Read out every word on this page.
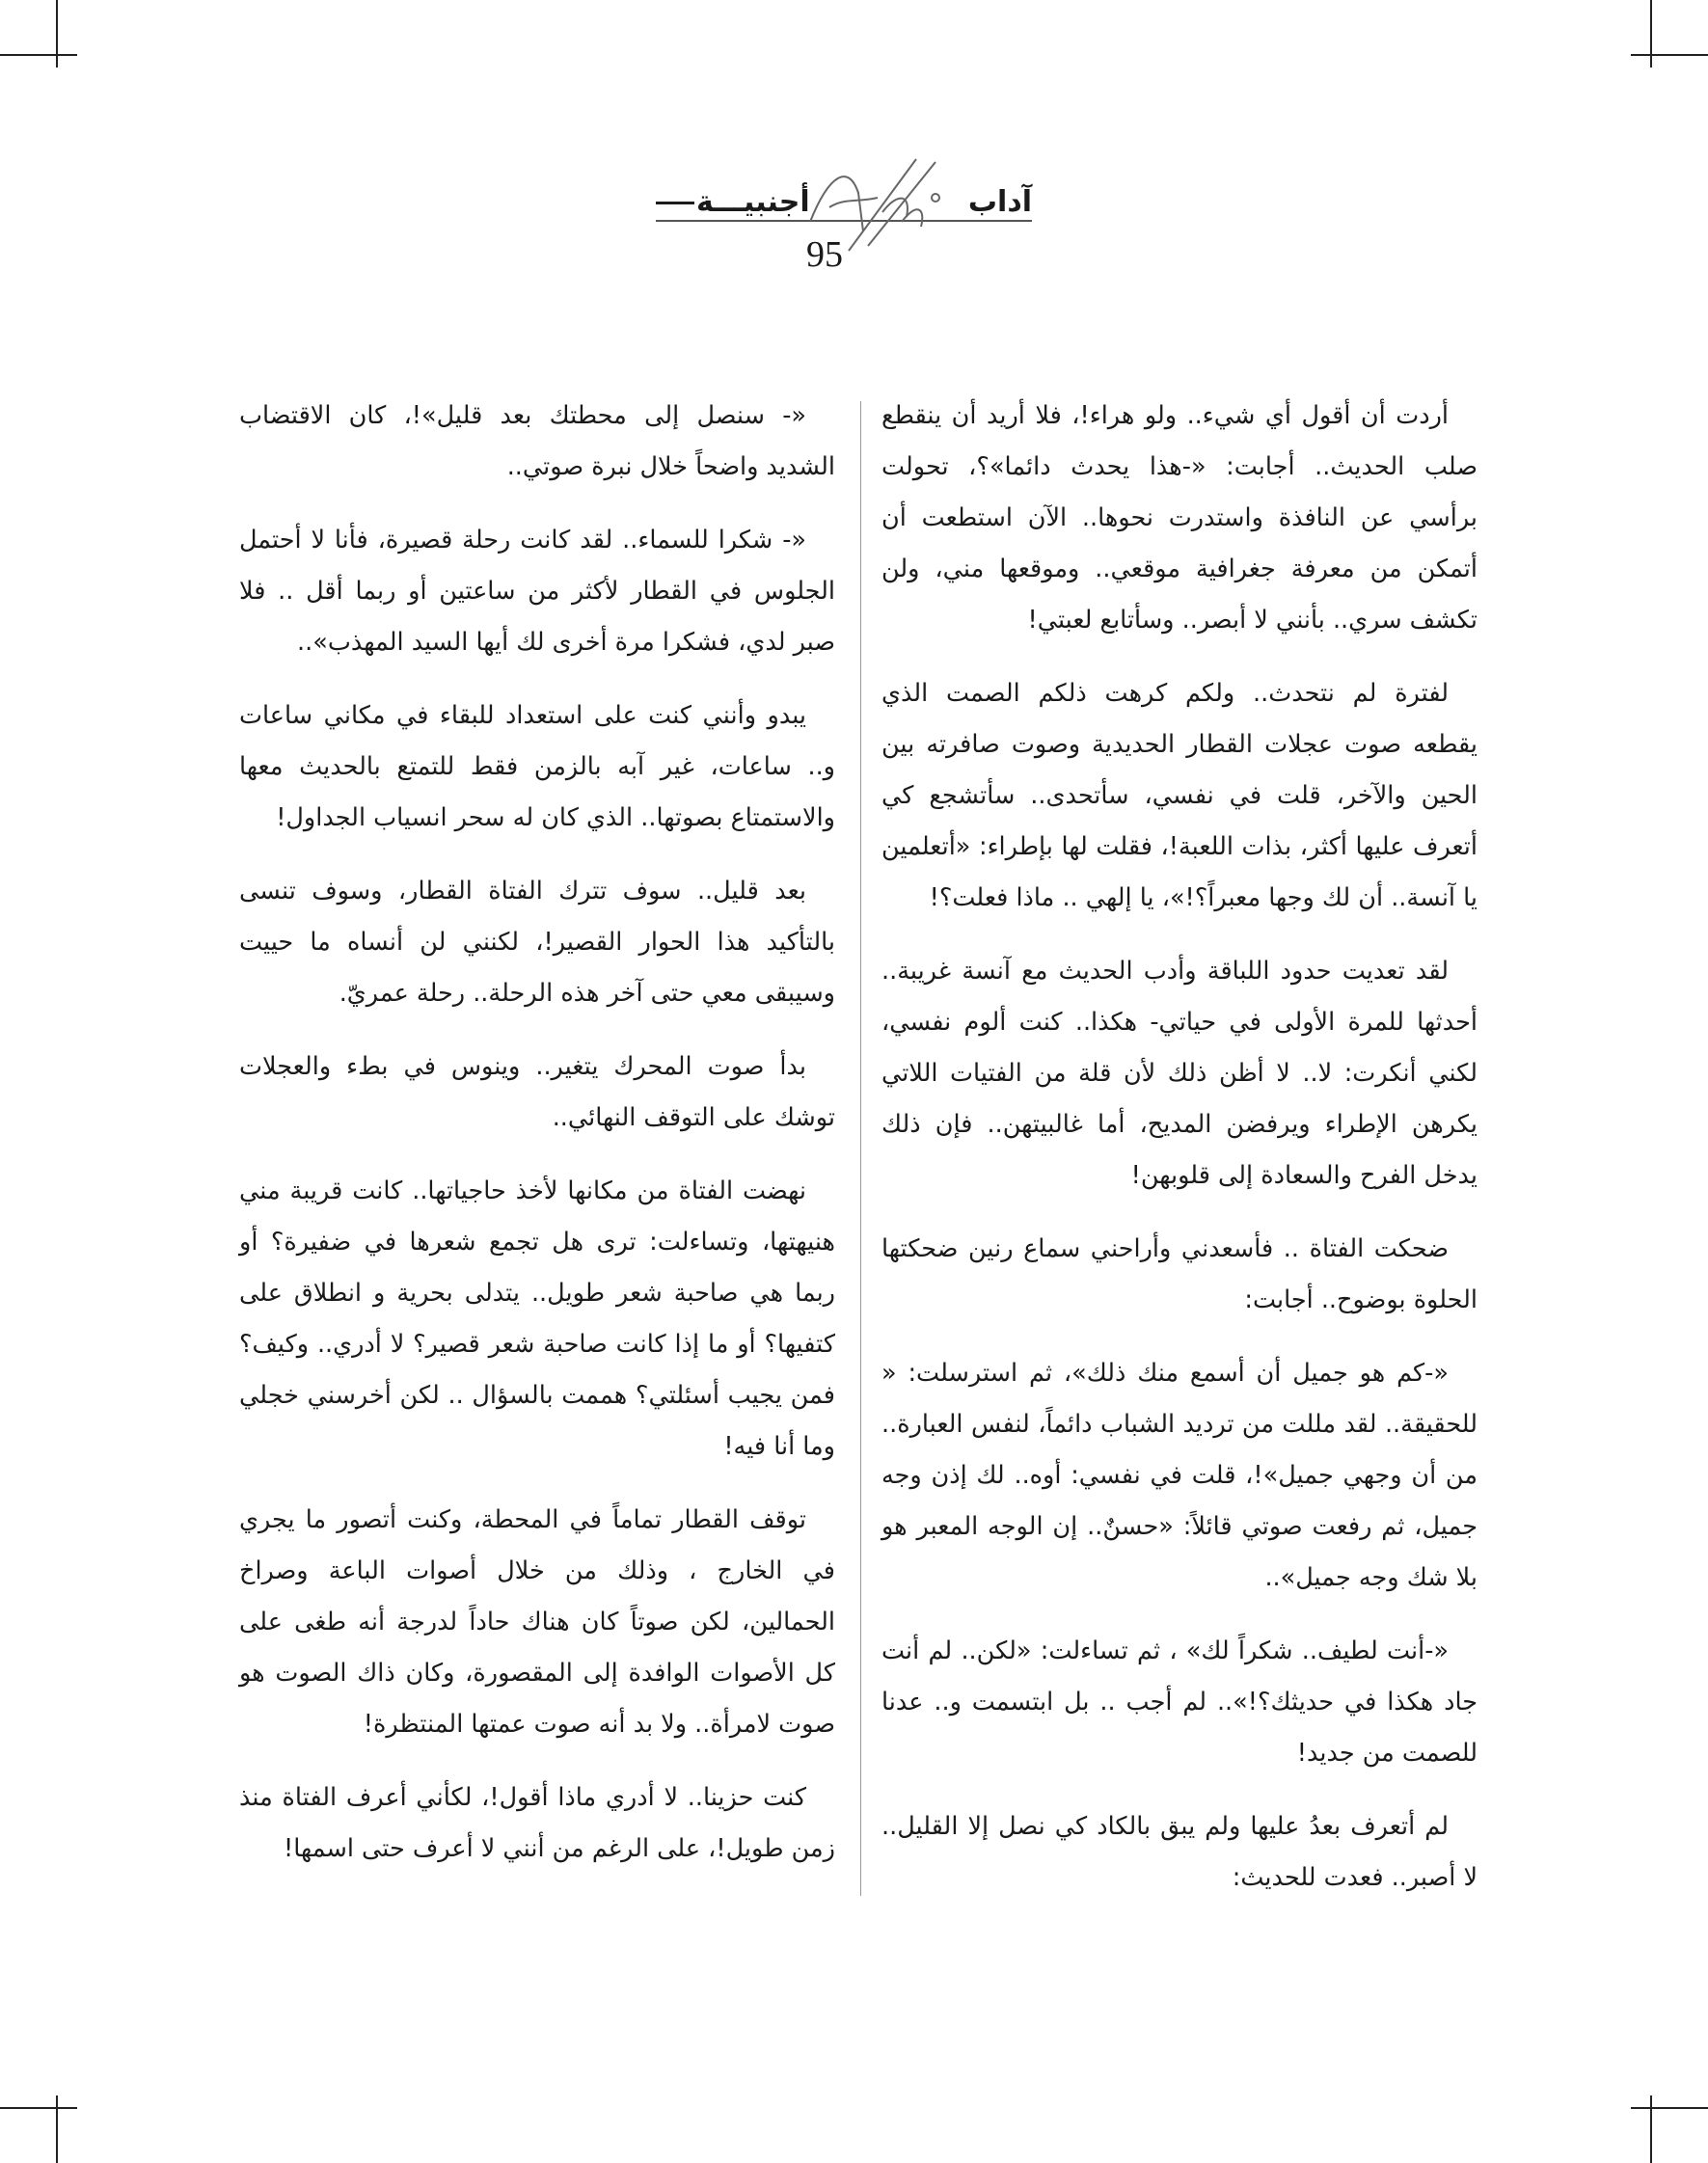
آداب
أجنبيـــة
95

أردت أن أقول أي شيء.. ولو هراء!، فلا أريد أن ينقطع صلب الحديث.. أجابت: «-هذا يحدث دائما»؟، تحولت برأسي عن النافذة واستدرت نحوها.. الآن استطعت أن أتمكن من معرفة جغرافية موقعي.. وموقعها مني، ولن تكشف سري.. بأنني لا أبصر.. وسأتابع لعبتي!

لفترة لم نتحدث.. ولكم كرهت ذلكم الصمت الذي يقطعه صوت عجلات القطار الحديدية وصوت صافرته بين الحين والآخر، قلت في نفسي، سأتحدى.. سأتشجع كي أتعرف عليها أكثر، بذات اللعبة!، فقلت لها بإطراء: «أتعلمين يا آنسة.. أن لك وجها معبراً؟!»، يا إلهي .. ماذا فعلت؟!

لقد تعديت حدود اللباقة وأدب الحديث مع آنسة غريبة.. أحدثها للمرة الأولى في حياتي- هكذا.. كنت ألوم نفسي، لكني أنكرت: لا.. لا أظن ذلك لأن قلة من الفتيات اللاتي يكرهن الإطراء ويرفضن المديح، أما غالبيتهن.. فإن ذلك يدخل الفرح والسعادة إلى قلوبهن!

ضحكت الفتاة .. فأسعدني وأراحني سماع رنين ضحكتها الحلوة بوضوح.. أجابت:

«-كم هو جميل أن أسمع منك ذلك»، ثم استرسلت: « للحقيقة.. لقد مللت من ترديد الشباب دائماً، لنفس العبارة.. من أن وجهي جميل»!، قلت في نفسي: أوه.. لك إذن وجه جميل، ثم رفعت صوتي قائلاً: «حسنٌ.. إن الوجه المعبر هو بلا شك وجه جميل»..

«-أنت لطيف.. شكراً لك» ، ثم تساءلت: «لكن.. لم أنت جاد هكذا في حديثك؟!».. لم أجب .. بل ابتسمت و.. عدنا للصمت من جديد!

لم أتعرف بعدُ عليها ولم يبق بالكاد كي نصل إلا القليل.. لا أصبر.. فعدت للحديث:

«- سنصل إلى محطتك بعد قليل»!، كان الاقتضاب الشديد واضحاً خلال نبرة صوتي..

«- شكرا للسماء.. لقد كانت رحلة قصيرة، فأنا لا أحتمل الجلوس في القطار لأكثر من ساعتين أو ربما أقل .. فلا صبر لدي، فشكرا مرة أخرى لك أيها السيد المهذب»..

يبدو وأنني كنت على استعداد للبقاء في مكاني ساعات و.. ساعات، غير آبه بالزمن فقط للتمتع بالحديث معها والاستمتاع بصوتها.. الذي كان له سحر انسياب الجداول!

بعد قليل.. سوف تترك الفتاة القطار، وسوف تنسى بالتأكيد هذا الحوار القصير!، لكنني لن أنساه ما حييت وسيبقى معي حتى آخر هذه الرحلة.. رحلة عمريّ.

بدأ صوت المحرك يتغير.. وينوس في بطء والعجلات توشك على التوقف النهائي..

نهضت الفتاة من مكانها لأخذ حاجياتها.. كانت قريبة مني هنيهتها، وتساءلت: ترى هل تجمع شعرها في ضفيرة؟ أو ربما هي صاحبة شعر طويل.. يتدلى بحرية و انطلاق على كتفيها؟ أو ما إذا كانت صاحبة شعر قصير؟ لا أدري.. وكيف؟ فمن يجيب أسئلتي؟ هممت بالسؤال .. لكن أخرسني خجلي وما أنا فيه!

توقف القطار تماماً في المحطة، وكنت أتصور ما يجري في الخارج ، وذلك من خلال أصوات الباعة وصراخ الحمالين، لكن صوتاً كان هناك حاداً لدرجة أنه طغى على كل الأصوات الوافدة إلى المقصورة، وكان ذاك الصوت هو صوت لامرأة.. ولا بد أنه صوت عمتها المنتظرة!

كنت حزينا.. لا أدري ماذا أقول!، لكأني أعرف الفتاة منذ زمن طويل!، على الرغم من أنني لا أعرف حتى اسمها!
